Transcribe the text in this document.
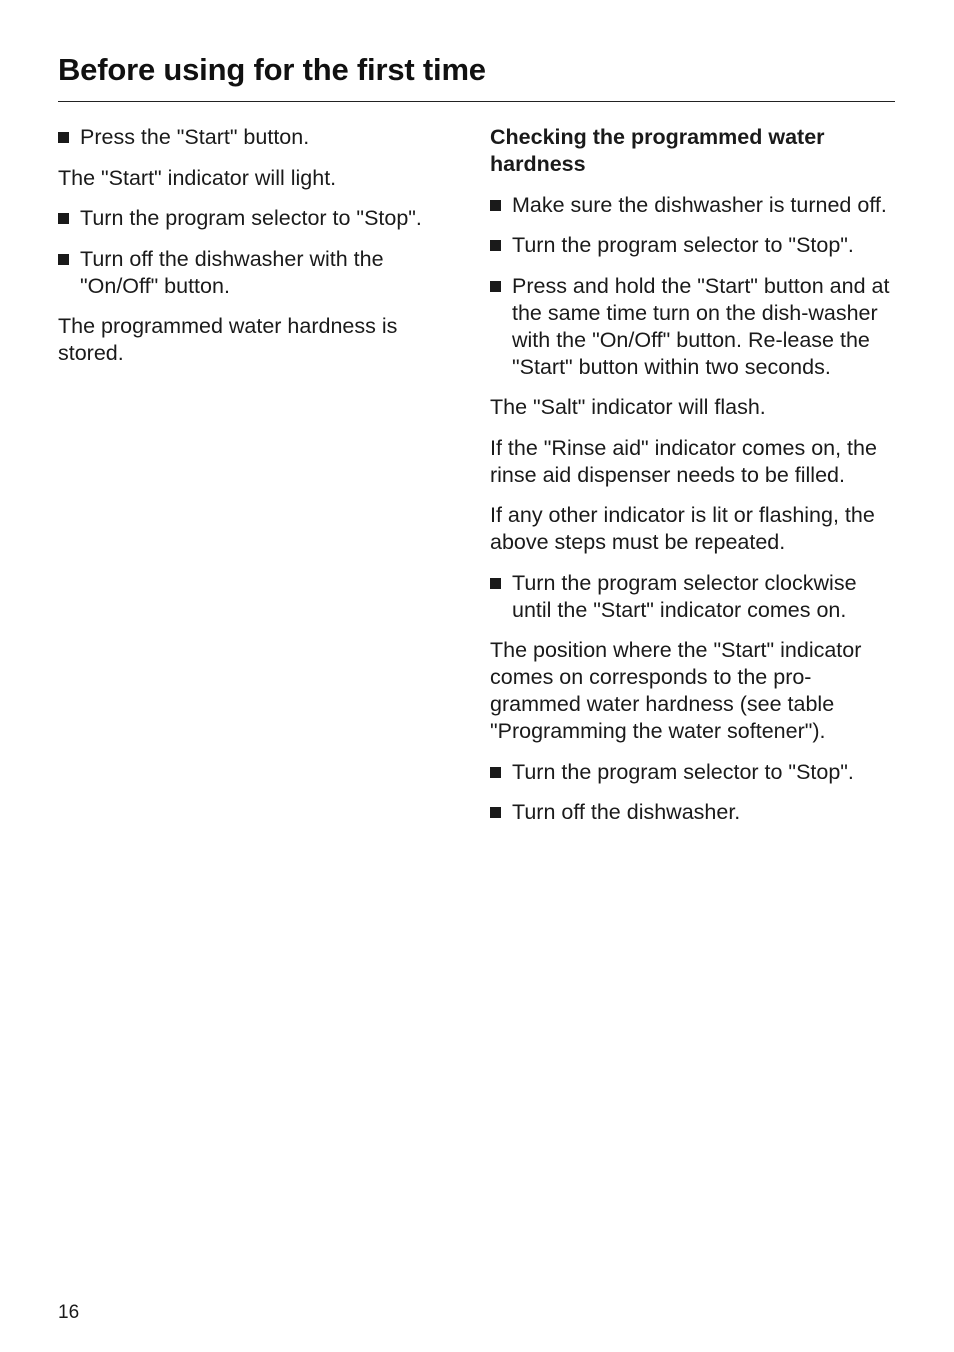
Before using for the first time
Press the "Start" button.

The "Start" indicator will light.

Turn the program selector to "Stop".
Turn off the dishwasher with the "On/Off" button.

The programmed water hardness is stored.

Checking the programmed water hardness

Make sure the dishwasher is turned off.
Turn the program selector to "Stop".
Press and hold the "Start" button and at the same time turn on the dish-washer with the "On/Off" button. Re-lease the "Start" button within two seconds.

The "Salt" indicator will flash.

If the "Rinse aid" indicator comes on, the rinse aid dispenser needs to be filled.

If any other indicator is lit or flashing, the above steps must be repeated.

Turn the program selector clockwise until the "Start" indicator comes on.

The position where the "Start" indicator comes on corresponds to the pro-grammed water hardness (see table "Programming the water softener").

Turn the program selector to "Stop".
Turn off the dishwasher.
16
